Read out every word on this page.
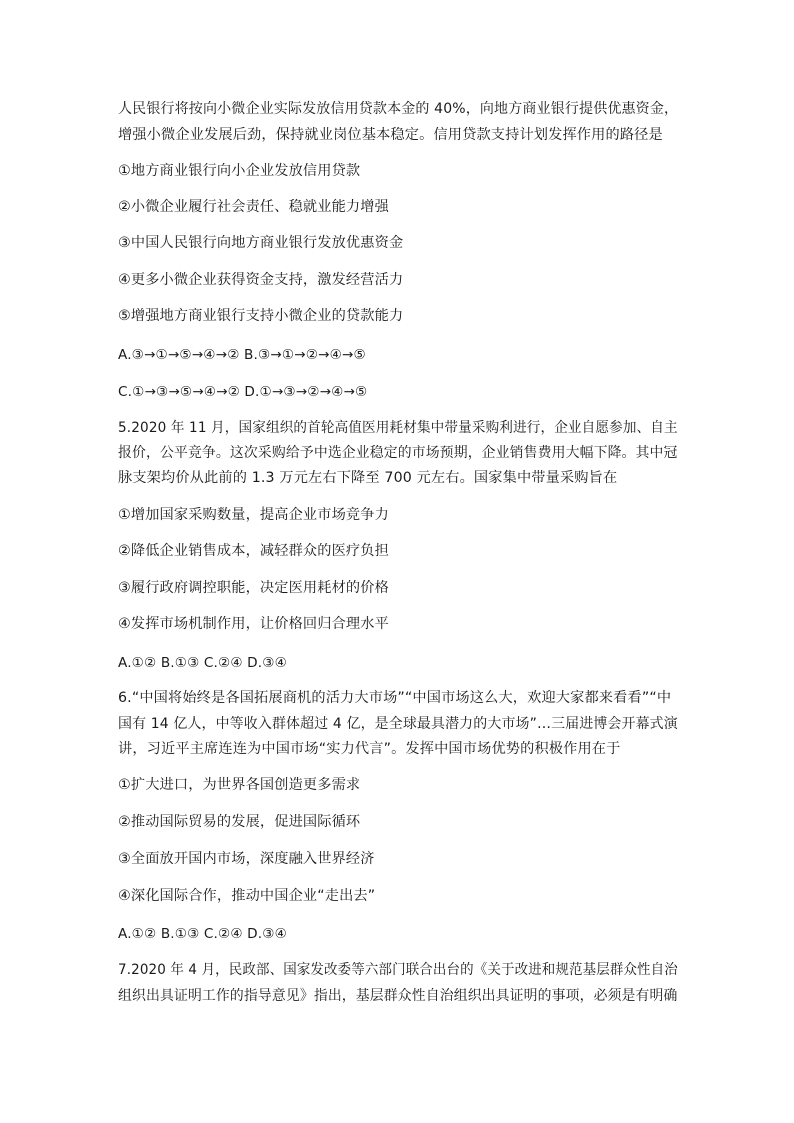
人民银行将按向小微企业实际发放信用贷款本金的 40%，向地方商业银行提供优惠资金，
增强小微企业发展后劲，保持就业岗位基本稳定。信用贷款支持计划发挥作用的路径是
①地方商业银行向小企业发放信用贷款
②小微企业履行社会责任、稳就业能力增强
③中国人民银行向地方商业银行发放优惠资金
④更多小微企业获得资金支持，激发经营活力
⑤增强地方商业银行支持小微企业的贷款能力
A.③→①→⑤→④→② B.③→①→②→④→⑤
C.①→③→⑤→④→② D.①→③→②→④→⑤
5.2020 年 11 月，国家组织的首轮高值医用耗材集中带量采购利进行，企业自愿参加、自主
报价，公平竞争。这次采购给予中选企业稳定的市场预期，企业销售费用大幅下降。其中冠
脉支架均价从此前的 1.3 万元左右下降至 700 元左右。国家集中带量采购旨在
①增加国家采购数量，提高企业市场竞争力
②降低企业销售成本，减轻群众的医疗负担
③履行政府调控职能，决定医用耗材的价格
④发挥市场机制作用，让价格回归合理水平
A.①② B.①③ C.②④ D.③④
6.“中国将始终是各国拓展商机的活力大市场”“中国市场这么大，欢迎大家都来看看”“中
国有 14 亿人，中等收入群体超过 4 亿，是全球最具潜力的大市场”…三届进博会开幕式演
讲，习近平主席连连为中国市场“实力代言”。发挥中国市场优势的积极作用在于
①扩大进口，为世界各国创造更多需求
②推动国际贸易的发展，促进国际循环
③全面放开国内市场，深度融入世界经济
④深化国际合作，推动中国企业“走出去”
A.①② B.①③ C.②④ D.③④
7.2020 年 4 月，民政部、国家发改委等六部门联合出台的《关于改进和规范基层群众性自治
组织出具证明工作的指导意见》指出，基层群众性自治组织出具证明的事项，必须是有明确
